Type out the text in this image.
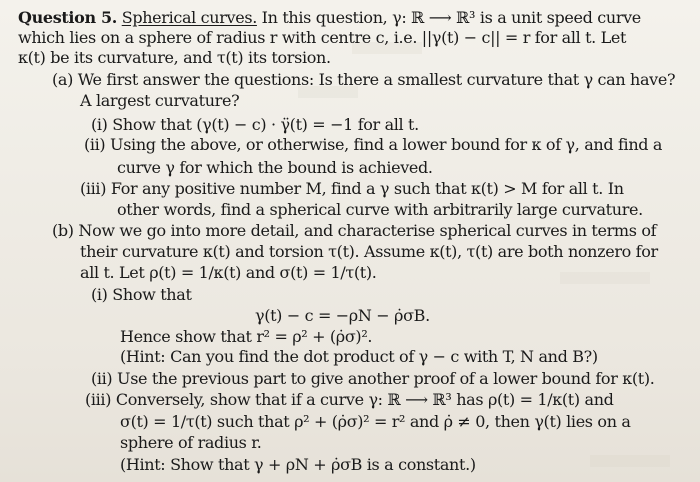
Question 5. Spherical curves. In this question, γ: ℝ ⟶ ℝ³ is a unit speed curve
which lies on a sphere of radius r with centre c, i.e. ||γ(t) − c|| = r for all t. Let
κ(t) be its curvature, and τ(t) its torsion.
(a) We first answer the questions: Is there a smallest curvature that γ can have?
A largest curvature?
(i) Show that (γ(t) − c) · γ̈(t) = −1 for all t.
(ii) Using the above, or otherwise, find a lower bound for κ of γ, and find a
curve γ for which the bound is achieved.
(iii) For any positive number M, find a γ such that κ(t) > M for all t. In
other words, find a spherical curve with arbitrarily large curvature.
(b) Now we go into more detail, and characterise spherical curves in terms of
their curvature κ(t) and torsion τ(t). Assume κ(t), τ(t) are both nonzero for
all t. Let ρ(t) = 1/κ(t) and σ(t) = 1/τ(t).
(i) Show that
γ(t) − c = −ρN − ρ̇σB.
Hence show that r² = ρ² + (ρ̇σ)².
(Hint: Can you find the dot product of γ − c with T, N and B?)
(ii) Use the previous part to give another proof of a lower bound for κ(t).
(iii) Conversely, show that if a curve γ: ℝ ⟶ ℝ³ has ρ(t) = 1/κ(t) and
σ(t) = 1/τ(t) such that ρ² + (ρ̇σ)² = r² and ρ̇ ≠ 0, then γ(t) lies on a
sphere of radius r.
(Hint: Show that γ + ρN + ρ̇σB is a constant.)
